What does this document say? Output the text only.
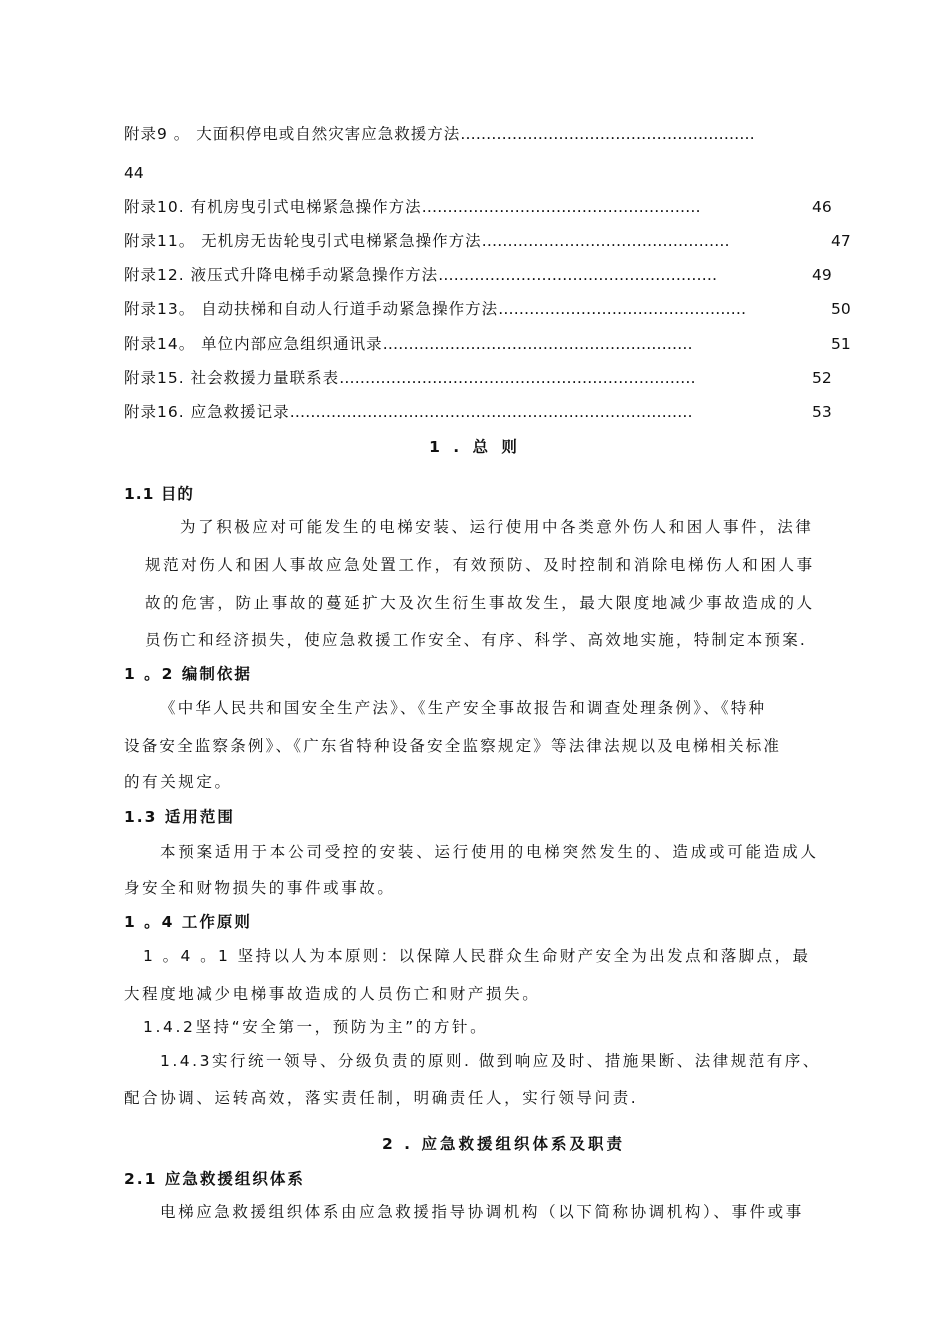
附录9 。 大面积停电或自然灾害应急救援方法…………………………………………………
44
附录10. 有机房曳引式电梯紧急操作方法………………………………………………	46
附录11。 无机房无齿轮曳引式电梯紧急操作方法…………………………………………	47
附录12. 液压式升降电梯手动紧急操作方法………………………………………………	49
附录13。 自动扶梯和自动人行道手动紧急操作方法…………………………………………	50
附录14。 单位内部应急组织通讯录……………………………………………………	51
附录15. 社会救援力量联系表……………………………………………………………	52
附录16. 应急救援记录……………………………………………………………………	53
1 . 总 则
1.1 目的
为了积极应对可能发生的电梯安装、运行使用中各类意外伤人和困人事件，法律
规范对伤人和困人事故应急处置工作，有效预防、及时控制和消除电梯伤人和困人事
故的危害，防止事故的蔓延扩大及次生衍生事故发生，最大限度地减少事故造成的人
员伤亡和经济损失，使应急救援工作安全、有序、科学、高效地实施，特制定本预案.
1 。2 编制依据
《中华人民共和国安全生产法》、《生产安全事故报告和调查处理条例》、《特种
设备安全监察条例》、《广东省特种设备安全监察规定》等法律法规以及电梯相关标准
的有关规定。
1.3 适用范围
本预案适用于本公司受控的安装、运行使用的电梯突然发生的、造成或可能造成人
身安全和财物损失的事件或事故。
1 。4 工作原则
1 。4 。1 坚持以人为本原则：以保障人民群众生命财产安全为出发点和落脚点，最
大程度地减少电梯事故造成的人员伤亡和财产损失。
1.4.2坚持“安全第一，预防为主”的方针。
1.4.3实行统一领导、分级负责的原则. 做到响应及时、措施果断、法律规范有序、
配合协调、运转高效，落实责任制，明确责任人，实行领导问责.
2 . 应急救援组织体系及职责
2.1 应急救援组织体系
电梯应急救援组织体系由应急救援指导协调机构（以下简称协调机构）、事件或事
